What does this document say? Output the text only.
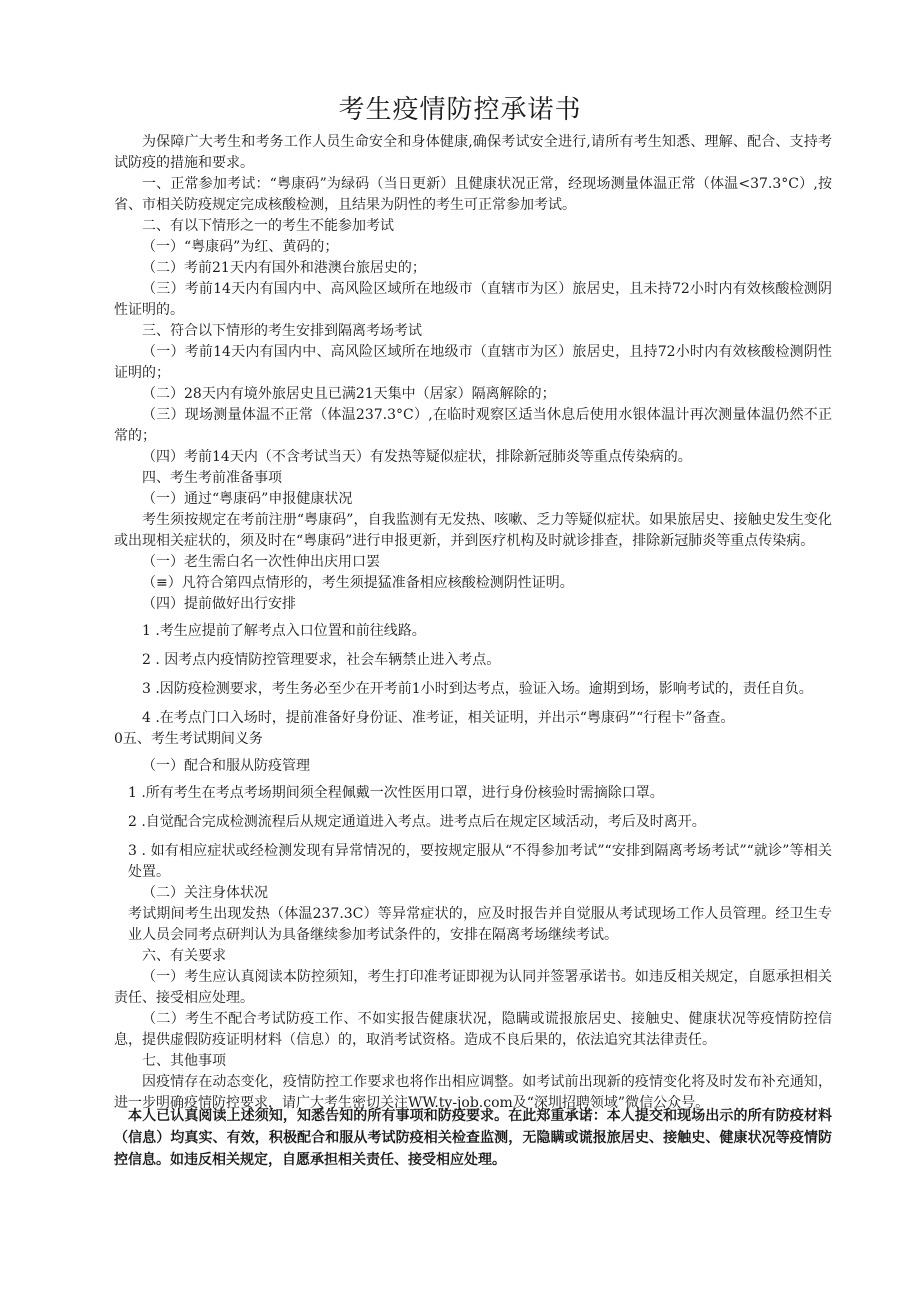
考生疫情防控承诺书

为保障广大考生和考务工作人员生命安全和身体健康,确保考试安全进行,请所有考生知悉、理解、配合、支持考试防疫的措施和要求。

一、正常参加考试：“粤康码”为绿码（当日更新）且健康状况正常，经现场测量体温正常（体温<37.3°C）,按省、市相关防疫规定完成核酸检测，且结果为阴性的考生可正常参加考试。

二、有以下情形之一的考生不能参加考试

（一）“粤康码”为红、黄码的；

（二）考前21天内有国外和港澳台旅居史的；

（三）考前14天内有国内中、高风险区域所在地级市（直辖市为区）旅居史，且未持72小时内有效核酸检测阴性证明的。

三、符合以下情形的考生安排到隔离考场考试

（一）考前14天内有国内中、高风险区域所在地级市（直辖市为区）旅居史，且持72小时内有效核酸检测阴性证明的；

（二）28天内有境外旅居史且已满21天集中（居家）隔离解除的；

（三）现场测量体温不正常（体温237.3°C）,在临时观察区适当休息后使用水银体温计再次测量体温仍然不正常的；

（四）考前14天内（不含考试当天）有发热等疑似症状，排除新冠肺炎等重点传染病的。

四、考生考前准备事项

（一）通过“粤康码”申报健康状况

考生须按规定在考前注册“粤康码”，自我监测有无发热、咳嗽、乏力等疑似症状。如果旅居史、接触史发生变化或出现相关症状的，须及时在“粤康码”进行申报更新，并到医疗机构及时就诊排查，排除新冠肺炎等重点传染病。

（一）老生需白名一次性伸出庆用口罢

（≡）凡符合第四点情形的，考生须提猛准备相应核酸检测阴性证明。

（四）提前做好出行安排

1 .考生应提前了解考点入口位置和前往线路。

2 . 因考点内疫情防控管理要求，社会车辆禁止进入考点。

3 .因防疫检测要求，考生务必至少在开考前1小时到达考点，验证入场。逾期到场，影响考试的，责任自负。

4 .在考点门口入场时，提前准备好身份证、准考证，相关证明，并出示“粤康码”“行程卡”备查。

0五、考生考试期间义务

（一）配合和服从防疫管理

1 .所有考生在考点考场期间须全程佩戴一次性医用口罩，进行身份核验时需摘除口罩。

2 .自觉配合完成检测流程后从规定通道进入考点。进考点后在规定区域活动，考后及时离开。

3 . 如有相应症状或经检测发现有异常情况的，要按规定服从“不得参加考试”“安排到隔离考场考试”“就诊”等相关处置。

（二）关注身体状况

考试期间考生出现发热（体温237.3C）等异常症状的，应及时报告并自觉服从考试现场工作人员管理。经卫生专业人员会同考点研判认为具备继续参加考试条件的，安排在隔离考场继续考试。

六、有关要求

（一）考生应认真阅读本防控须知，考生打印准考证即视为认同并签署承诺书。如违反相关规定，自愿承担相关责任、接受相应处理。

（二）考生不配合考试防疫工作、不如实报告健康状况，隐瞒或谎报旅居史、接触史、健康状况等疫情防控信息，提供虚假防疫证明材料（信息）的，取消考试资格。造成不良后果的，依法追究其法律责任。

七、其他事项

因疫情存在动态变化，疫情防控工作要求也将作出相应调整。如考试前出现新的疫情变化将及时发布补充通知，进一步明确疫情防控要求，请广大考生密切关注WW.ty-job.com及“深圳招聘领域”微信公众号。

本人已认真阅读上述须知，知悉告知的所有事项和防疫要求。在此郑重承诺：本人提交和现场出示的所有防疫材料（信息）均真实、有效，积极配合和服从考试防疫相关检查监测，无隐瞒或谎报旅居史、接触史、健康状况等疫情防控信息。如违反相关规定，自愿承担相关责任、接受相应处理。
